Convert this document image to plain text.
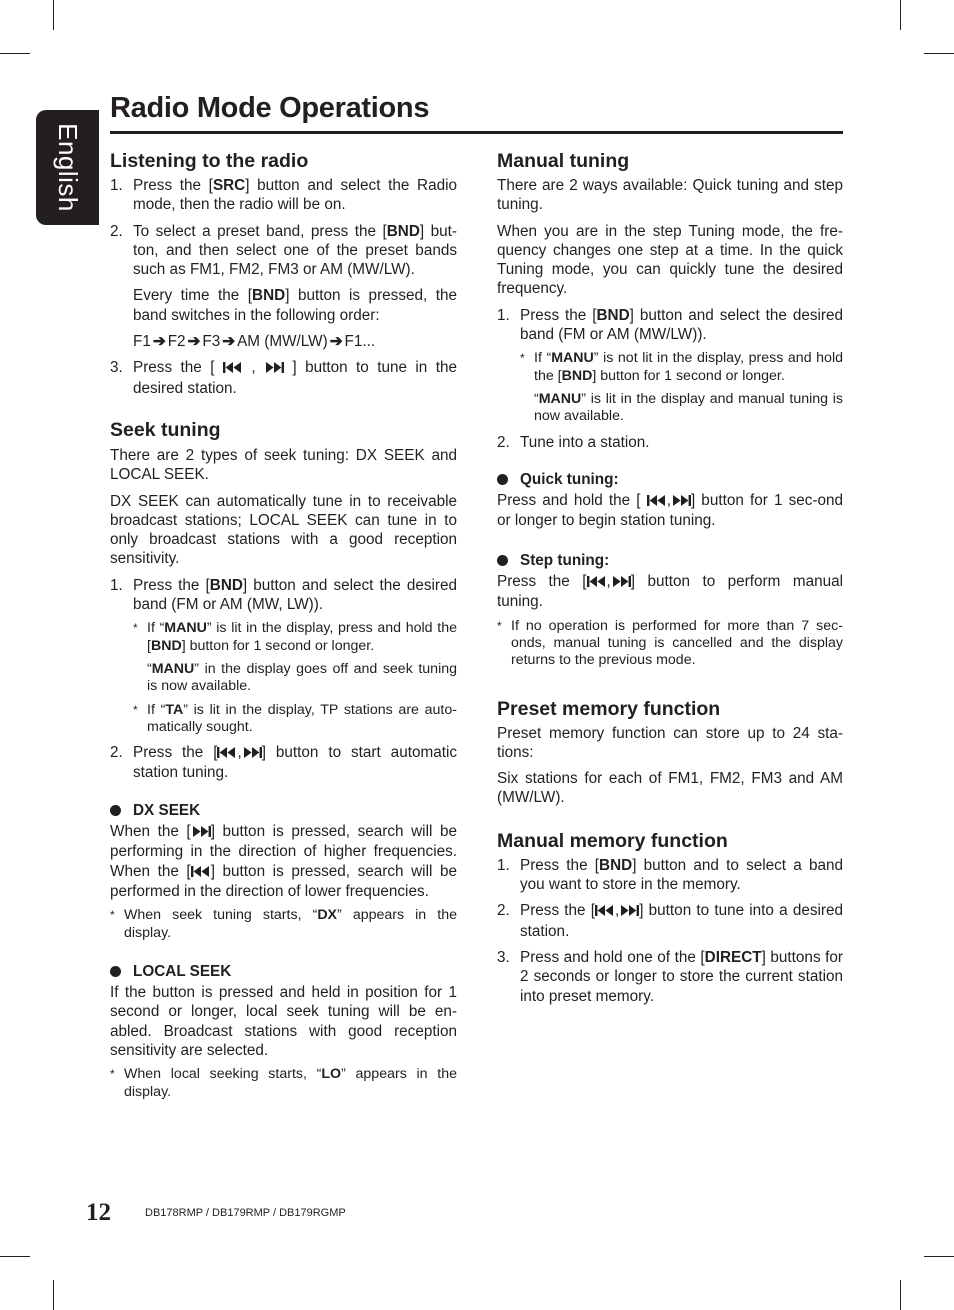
English
Radio Mode Operations
Listening to the radio
1. Press the [SRC] button and select the Radio mode, then the radio will be on.
2. To select a preset band, press the [BND] but-ton, and then select one of the preset bands such as FM1, FM2, FM3 or AM (MW/LW).
Every time the [BND] button is pressed, the band switches in the following order:
F1 ➔ F2 ➔ F3 ➔ AM (MW/LW) ➔ F1...
3. Press the [ , ] button to tune in the desired station.
Seek tuning

There are 2 types of seek tuning: DX SEEK and LOCAL SEEK.

DX SEEK can automatically tune in to receivable broadcast stations; LOCAL SEEK can tune in to only broadcast stations with a good reception sensitivity.

1. Press the [BND] button and select the desired band (FM or AM (MW, LW)).
* If “MANU” is lit in the display, press and hold the [BND] button for 1 second or longer.
“MANU” in the display goes off and seek tuning is now available.
* If “TA” is lit in the display, TP stations are auto-matically sought.
2. Press the [ , ] button to start automatic station tuning.
DX SEEK

When the [ ] button is pressed, search will be performing in the direction of higher frequencies. When the [ ] button is pressed, search will be performed in the direction of lower frequencies.

* When seek tuning starts, “DX” appears in the display.
LOCAL SEEK

If the button is pressed and held in position for 1 second or longer, local seek tuning will be en-abled. Broadcast stations with good reception sensitivity are selected.

* When local seeking starts, “LO” appears in the display.
Manual tuning

There are 2 ways available: Quick tuning and step tuning.

When you are in the step Tuning mode, the fre-quency changes one step at a time. In the quick Tuning mode, you can quickly tune the desired frequency.

1. Press the [BND] button and select the desired band (FM or AM (MW/LW)).
* If “MANU” is not lit in the display, press and hold the [BND] button for 1 second or longer.
“MANU” is lit in the display and manual tuning is now available.
2. Tune into a station.
Quick tuning:

Press and hold the [ , ] button for 1 sec-ond or longer to begin station tuning.

Step tuning:

Press the [ , ] button to perform manual tuning.

* If no operation is performed for more than 7 sec-onds, manual tuning is cancelled and the display returns to the previous mode.
Preset memory function

Preset memory function can store up to 24 sta-tions:

Six stations for each of FM1, FM2, FM3 and AM (MW/LW).

Manual memory function
1. Press the [BND] button and to select a band you want to store in the memory.
2. Press the [ , ] button to tune into a desired station.
3. Press and hold one of the [DIRECT] buttons for 2 seconds or longer to store the current station into preset memory.
12	DB178RMP / DB179RMP / DB179RGMP
